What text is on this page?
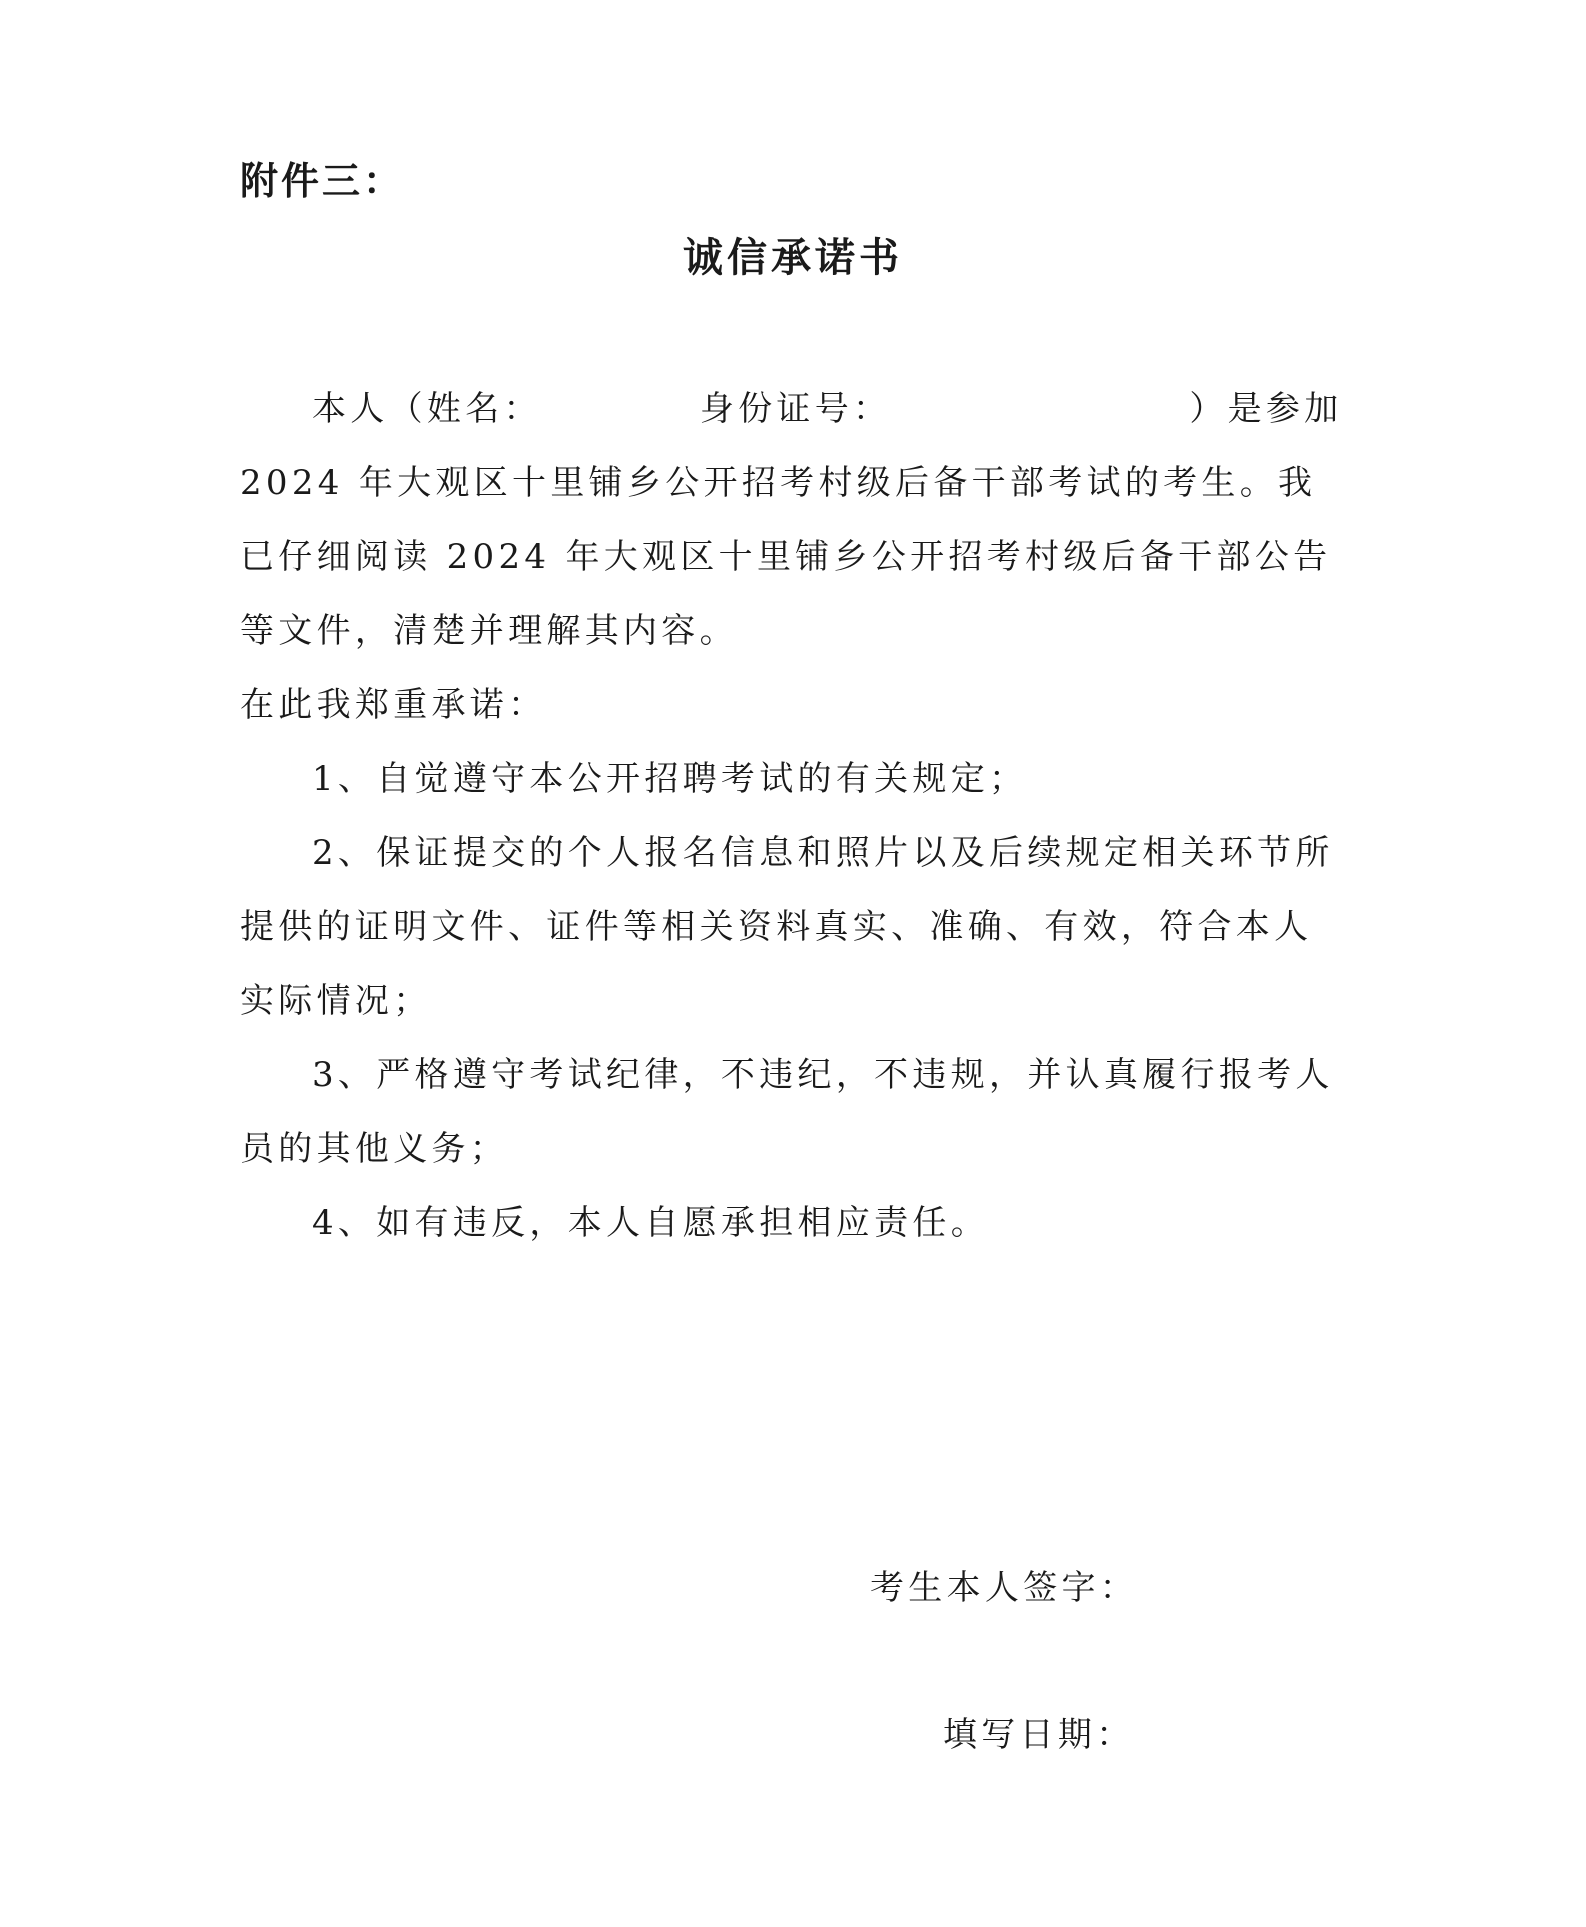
附件三：
诚信承诺书

本人（姓名：	身份证号：	）是参加

2024 年大观区十里铺乡公开招考村级后备干部考试的考生。我已仔细阅读 2024 年大观区十里铺乡公开招考村级后备干部公告等文件，清楚并理解其内容。

在此我郑重承诺：

1、自觉遵守本公开招聘考试的有关规定；

2、保证提交的个人报名信息和照片以及后续规定相关环节所提供的证明文件、证件等相关资料真实、准确、有效，符合本人实际情况；

3、严格遵守考试纪律，不违纪，不违规，并认真履行报考人员的其他义务；

4、如有违反，本人自愿承担相应责任。

考生本人签字：
填写日期：
